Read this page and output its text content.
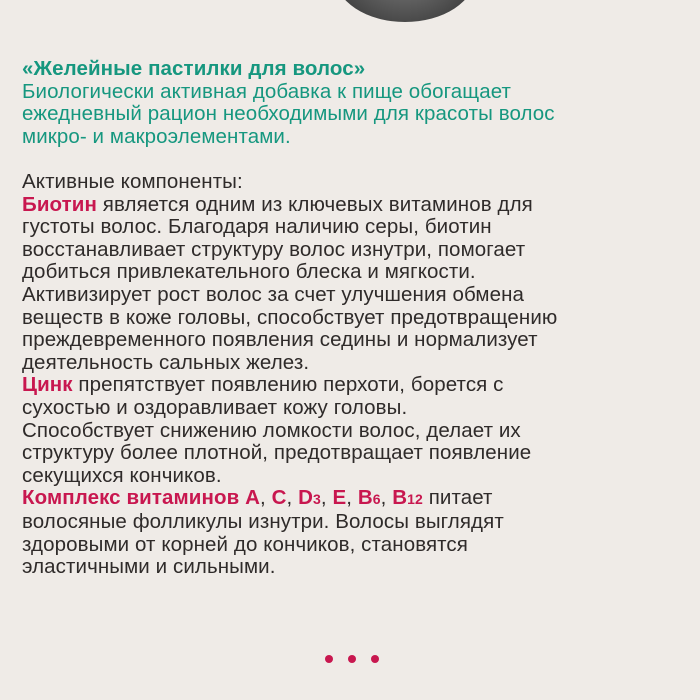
«Желейные пастилки для волос»
Биологически активная добавка к пище обогащает
ежедневный рацион необходимыми для красоты волос
микро- и макроэлементами.
Активные компоненты:
Биотин является одним из ключевых витаминов для
густоты волос. Благодаря наличию серы, биотин
восстанавливает структуру волос изнутри, помогает
добиться привлекательного блеска и мягкости.
Активизирует рост волос за счет улучшения обмена
веществ в коже головы, способствует предотвращению
преждевременного появления седины и нормализует
деятельность сальных желез.
Цинк препятствует появлению перхоти, борется с
сухостью и оздоравливает кожу головы.
Способствует снижению ломкости волос, делает их
структуру более плотной, предотвращает появление
секущихся кончиков.
Комплекс витаминов A, C, D3, E, B6, B12 питает
волосяные фолликулы изнутри. Волосы выглядят
здоровыми от корней до кончиков, становятся
эластичными и сильными.
